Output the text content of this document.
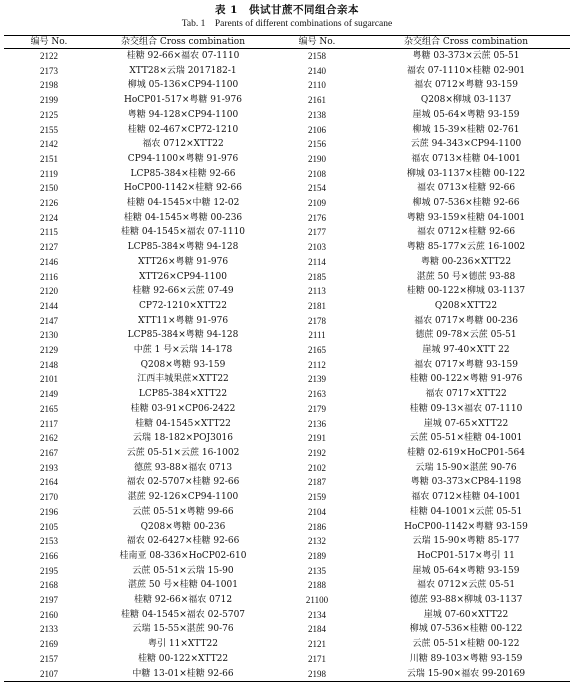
表 1　供试甘蔗不同组合亲本
Tab. 1　Parents of different combinations of sugarcane
编号 No.	杂交组合 Cross combination	编号 No.	杂交组合 Cross combination
2122	桂糖 92-66×福农 07-1110	2158	粤糖 03-373×云蔗 05-51
2173	XTT28×云瑞 2017182-1	2140	福农 07-1110×桂糖 02-901
2198	柳城 05-136×CP94-1100	2110	福农 0712×粤糖 93-159
2199	HoCP01-517×粤糖 91-976	2161	Q208×柳城 03-1137
2125	粤糖 94-128×CP94-1100	2138	崖城 05-64×粤糖 93-159
2155	桂糖 02-467×CP72-1210	2106	柳城 15-39×桂糖 02-761
2142	福农 0712×XTT22	2156	云蔗 94-343×CP94-1100
2151	CP94-1100×粤糖 91-976	2190	福农 0713×桂糖 04-1001
2119	LCP85-384×桂糖 92-66	2108	柳城 03-1137×桂糖 00-122
2150	HoCP00-1142×桂糖 92-66	2154	福农 0713×桂糖 92-66
2126	桂糖 04-1545×中糖 12-02	2109	柳城 07-536×桂糖 92-66
2124	桂糖 04-1545×粤糖 00-236	2176	粤糖 93-159×桂糖 04-1001
2115	桂糖 04-1545×福农 07-1110	2177	福农 0712×桂糖 92-66
2127	LCP85-384×粤糖 94-128	2103	粤糖 85-177×云蔗 16-1002
2146	XTT26×粤糖 91-976	2114	粤糖 00-236×XTT22
2116	XTT26×CP94-1100	2185	湛蔗 50 号×德蔗 93-88
2120	桂糖 92-66×云蔗 07-49	2113	桂糖 00-122×柳城 03-1137
2144	CP72-1210×XTT22	2181	Q208×XTT22
2147	XTT11×粤糖 91-976	2178	福农 0717×粤糖 00-236
2130	LCP85-384×粤糖 94-128	2111	德蔗 09-78×云蔗 05-51
2129	中蔗 1 号×云瑞 14-178	2165	崖城 97-40×XTT 22
2148	Q208×粤糖 93-159	2112	福农 0717×粤糖 93-159
2101	江西丰城果蔗×XTT22	2139	桂糖 00-122×粤糖 91-976
2149	LCP85-384×XTT22	2163	福农 0717×XTT22
2165	桂糖 03-91×CP06-2422	2179	桂糖 09-13×福农 07-1110
2117	桂糖 04-1545×XTT22	2136	崖城 07-65×XTT22
2162	云瑞 18-182×POJ3016	2191	云蔗 05-51×桂糖 04-1001
2167	云蔗 05-51×云蔗 16-1002	2192	桂糖 02-619×HoCP01-564
2193	德蔗 93-88×福农 0713	2102	云瑞 15-90×湛蔗 90-76
2164	福农 02-5707×桂糖 92-66	2187	粤糖 03-373×CP84-1198
2170	湛蔗 92-126×CP94-1100	2159	福农 0712×桂糖 04-1001
2196	云蔗 05-51×粤糖 99-66	2104	桂糖 04-1001×云蔗 05-51
2105	Q208×粤糖 00-236	2186	HoCP00-1142×粤糖 93-159
2153	福农 02-6427×桂糖 92-66	2132	云瑞 15-90×粤糖 85-177
2166	桂南亚 08-336×HoCP02-610	2189	HoCP01-517×粤引 11
2195	云蔗 05-51×云瑞 15-90	2135	崖城 05-64×粤糖 93-159
2168	湛蔗 50 号×桂糖 04-1001	2188	福农 0712×云蔗 05-51
2197	桂糖 92-66×福农 0712	21100	德蔗 93-88×柳城 03-1137
2160	桂糖 04-1545×福农 02-5707	2134	崖城 07-60×XTT22
2133	云瑞 15-55×湛蔗 90-76	2184	柳城 07-536×桂糖 00-122
2169	粤引 11×XTT22	2121	云蔗 05-51×桂糖 00-122
2157	桂糖 00-122×XTT22	2171	川糖 89-103×粤糖 93-159
2107	中糖 13-01×桂糖 92-66	2198	云瑞 15-90×福农 99-20169
